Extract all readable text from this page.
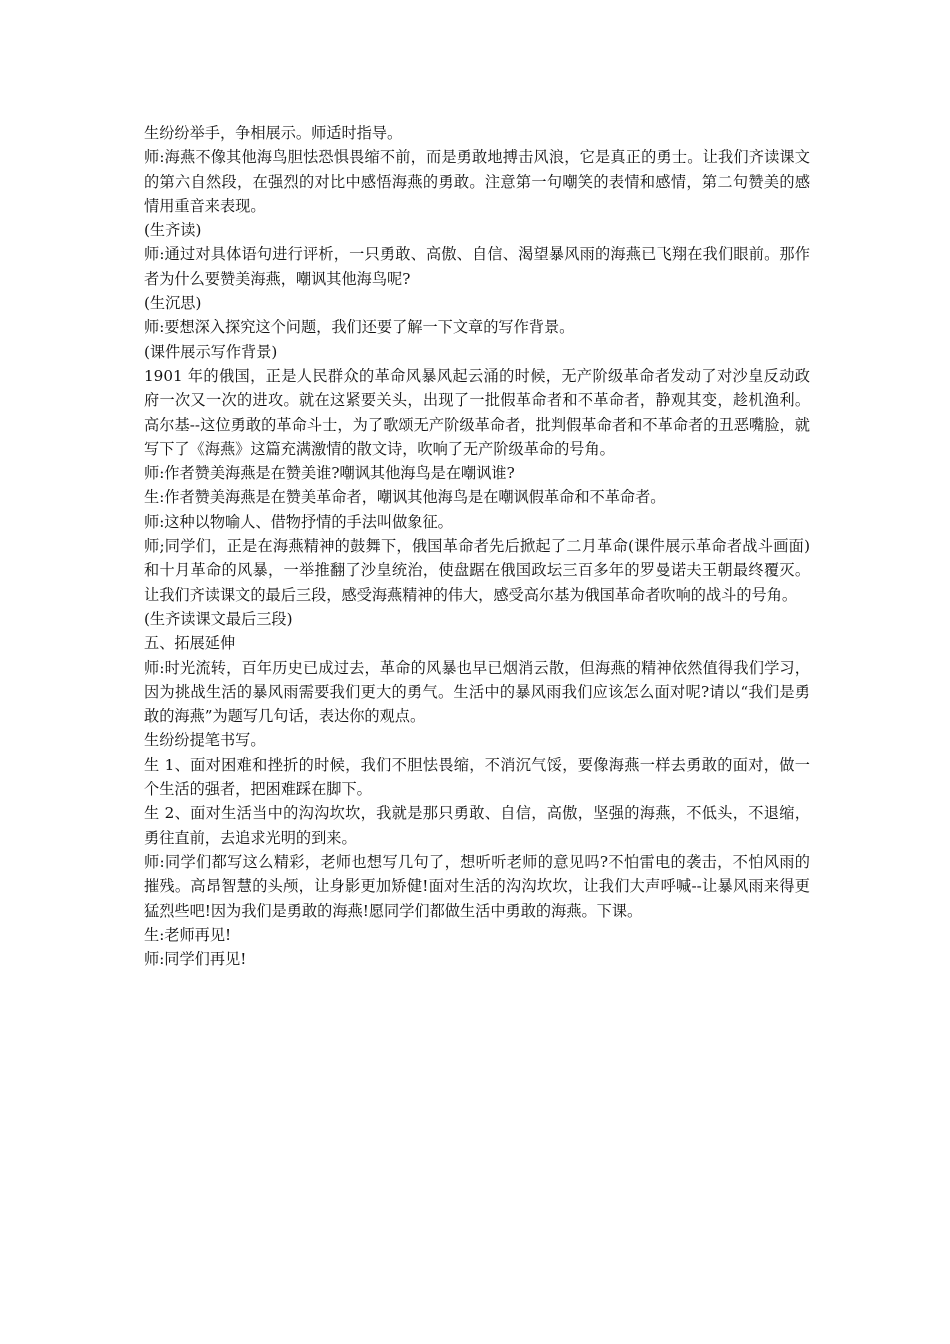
生纷纷举手，争相展示。师适时指导。

师:海燕不像其他海鸟胆怯恐惧畏缩不前，而是勇敢地搏击风浪，它是真正的勇士。让我们齐读课文的第六自然段，在强烈的对比中感悟海燕的勇敢。注意第一句嘲笑的表情和感情，第二句赞美的感情用重音来表现。

(生齐读)

师:通过对具体语句进行评析，一只勇敢、高傲、自信、渴望暴风雨的海燕已飞翔在我们眼前。那作者为什么要赞美海燕，嘲讽其他海鸟呢?

(生沉思)

师:要想深入探究这个问题，我们还要了解一下文章的写作背景。

(课件展示写作背景)

1901 年的俄国，正是人民群众的革命风暴风起云涌的时候，无产阶级革命者发动了对沙皇反动政府一次又一次的进攻。就在这紧要关头，出现了一批假革命者和不革命者，静观其变，趁机渔利。高尔基--这位勇敢的革命斗士，为了歌颂无产阶级革命者，批判假革命者和不革命者的丑恶嘴脸，就写下了《海燕》这篇充满激情的散文诗，吹响了无产阶级革命的号角。

师:作者赞美海燕是在赞美谁?嘲讽其他海鸟是在嘲讽谁?

生:作者赞美海燕是在赞美革命者，嘲讽其他海鸟是在嘲讽假革命和不革命者。

师:这种以物喻人、借物抒情的手法叫做象征。

师;同学们，正是在海燕精神的鼓舞下，俄国革命者先后掀起了二月革命(课件展示革命者战斗画面)和十月革命的风暴，一举推翻了沙皇统治，使盘踞在俄国政坛三百多年的罗曼诺夫王朝最终覆灭。让我们齐读课文的最后三段，感受海燕精神的伟大，感受高尔基为俄国革命者吹响的战斗的号角。

(生齐读课文最后三段)

五、拓展延伸

师:时光流转，百年历史已成过去，革命的风暴也早已烟消云散，但海燕的精神依然值得我们学习，因为挑战生活的暴风雨需要我们更大的勇气。生活中的暴风雨我们应该怎么面对呢?请以“我们是勇敢的海燕”为题写几句话，表达你的观点。

生纷纷提笔书写。

生 1、面对困难和挫折的时候，我们不胆怯畏缩，不消沉气馁，要像海燕一样去勇敢的面对，做一个生活的强者，把困难踩在脚下。

生 2、面对生活当中的沟沟坎坎，我就是那只勇敢、自信，高傲，坚强的海燕，不低头，不退缩，勇往直前，去追求光明的到来。

师:同学们都写这么精彩，老师也想写几句了，想听听老师的意见吗?不怕雷电的袭击，不怕风雨的摧残。高昂智慧的头颅，让身影更加矫健!面对生活的沟沟坎坎，让我们大声呼喊--让暴风雨来得更猛烈些吧!因为我们是勇敢的海燕!愿同学们都做生活中勇敢的海燕。下课。

生:老师再见!

师:同学们再见!
